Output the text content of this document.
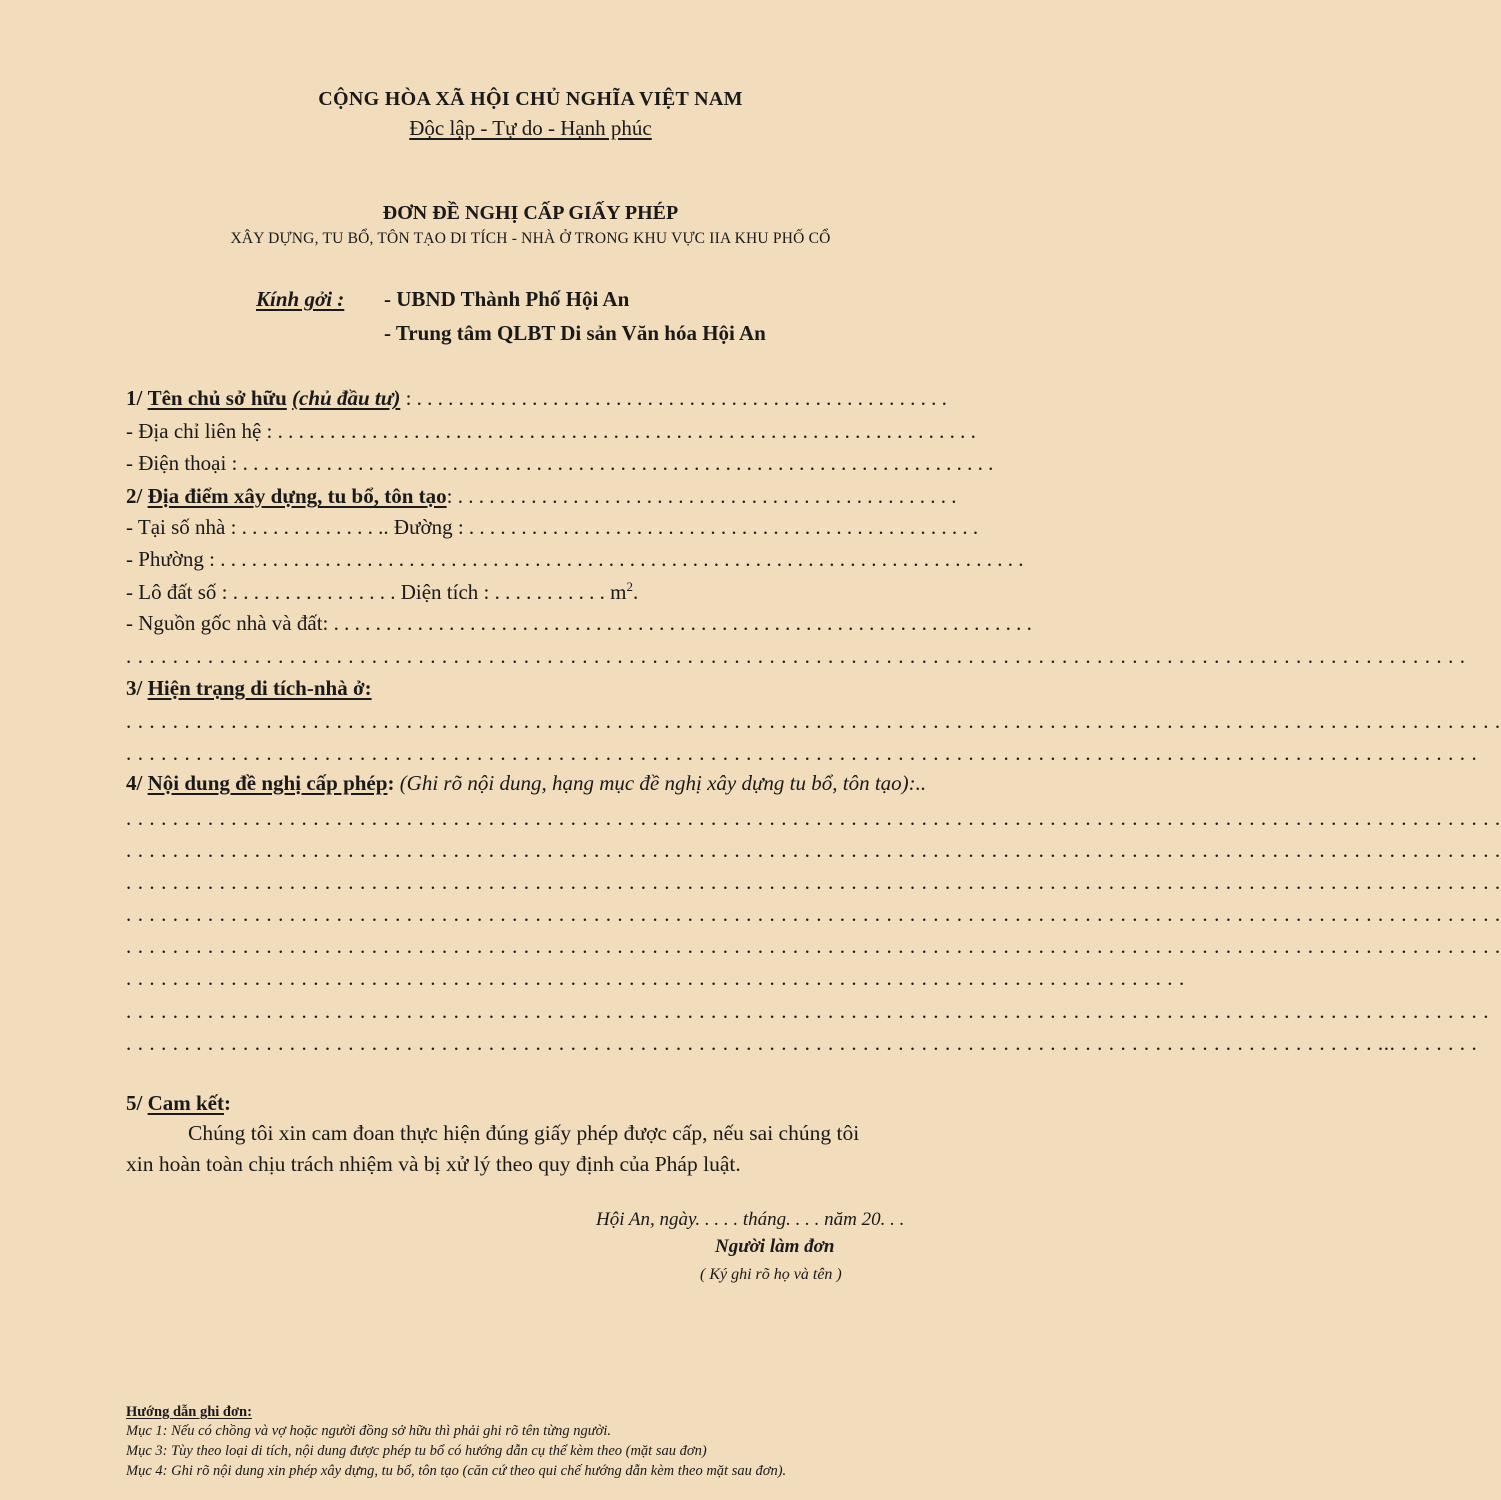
CỘNG HÒA XÃ HỘI CHỦ NGHĨA VIỆT NAM
Độc lập - Tự do - Hạnh phúc
ĐƠN ĐỀ NGHỊ CẤP GIẤY PHÉP
XÂY DỰNG, TU BỔ, TÔN TẠO DI TÍCH - NHÀ Ở TRONG KHU VỰC IIA KHU PHỐ CỔ
Kính gởi : - UBND Thành Phố Hội An
- Trung tâm QLBT Di sản Văn hóa Hội An
1/ Tên chủ sở hữu (chủ đầu tư) : . . . . . . . . . . . . . . . . . . . . . . . . . . . . . . . . . . . . . . . . . . . . . . . . . . .
- Địa chỉ liên hệ : . . . . . . . . . . . . . . . . . . . . . . . . . . . . . . . . . . . . . . . . . . . . . . . . . . . . . . . . . . . . . . . . . . .
- Điện thoại : . . . . . . . . . . . . . . . . . . . . . . . . . . . . . . . . . . . . . . . . . . . . . . . . . . . . . . . . . . . . . . . . . . . . . . . .
2/ Địa điểm xây dựng, tu bổ, tôn tạo: . . . . . . . . . . . . . . . . . . . . . . . . . . . . . . . . . . . . . . . . . . . . . . . .
- Tại số nhà : . . . . . . . . . . . . . .. Đường : . . . . . . . . . . . . . . . . . . . . . . . . . . . . . . . . . . . . . . . . . . . . . . . . .
- Phường : . . . . . . . . . . . . . . . . . . . . . . . . . . . . . . . . . . . . . . . . . . . . . . . . . . . . . . . . . . . . . . . . . . . . . . . . . . . . .
- Lô đất số : . . . . . . . . . . . . . . . . Diện tích : . . . . . . . . . . . $m^2$.
- Nguồn gốc nhà và đất: . . . . . . . . . . . . . . . . . . . . . . . . . . . . . . . . . . . . . . . . . . . . . . . . . . . . . . . . . . . . . . . . . . .
. . . . . . . . . . . . . . . . . . . . . . . . . . . . . . . . . . . . . . . . . . . . . . . . . . . . . . . . . . . . . . . . . . . . . . . . . . . . . . . . . . . . . . . . . . . . . . . . . . . . . . . . . . . . . . . . . . .
3/ Hiện trạng di tích-nhà ở:
. . . . . . . . . . . . . . . . . . . . . . . . . . . . . . . . . . . . . . . . . . . . . . . . . . . . . . . . . . . . . . . . . . . . . . . . . . . . . . . . . . . . . . . . . . . . . . . . . . . . . . . . . . . . . . . . . . . . . .
. . . . . . . . . . . . . . . . . . . . . . . . . . . . . . . . . . . . . . . . . . . . . . . . . . . . . . . . . . . . . . . . . . . . . . . . . . . . . . . . . . . . . . . . . . . . . . . . . . . . . . . . . . . . . . . . . . . .
4/ Nội dung đề nghị cấp phép: (Ghi rõ nội dung, hạng mục đề nghị xây dựng tu bổ, tôn tạo):..
. . . . . . . . . . . . . . . . . . . . . . . . . . . . . . . . . . . . . . . . . . . . . . . . . . . . . . . . . . . . . . . . . . . . . . . . . . . . . . . . . . . . . . . . . . . . . . . . . . . . . . . . . . . . . . . . . . . . . .
. . . . . . . . . . . . . . . . . . . . . . . . . . . . . . . . . . . . . . . . . . . . . . . . . . . . . . . . . . . . . . . . . . . . . . . . . . . . . . . . . . . . . . . . . . . . . . . . . . . . . . . . . . . . . . . . . . . . . .
. . . . . . . . . . . . . . . . . . . . . . . . . . . . . . . . . . . . . . . . . . . . . . . . . . . . . . . . . . . . . . . . . . . . . . . . . . . . . . . . . . . . . . . . . . . . . . . . . . . . . . . . . . . . . . . . . . . . . .
. . . . . . . . . . . . . . . . . . . . . . . . . . . . . . . . . . . . . . . . . . . . . . . . . . . . . . . . . . . . . . . . . . . . . . . . . . . . . . . . . . . . . . . . . . . . . . . . . . . . . . . . . . . . . . . . . . . . . .
. . . . . . . . . . . . . . . . . . . . . . . . . . . . . . . . . . . . . . . . . . . . . . . . . . . . . . . . . . . . . . . . . . . . . . . . . . . . . . . . . . . . . . . . . . . . . . . . . . . . . . . . . . . . . . . . . . . . . .
. . . . . . . . . . . . . . . . . . . . . . . . . . . . . . . . . . . . . . . . . . . . . . . . . . . . . . . . . . . . . . . . . . . . . . . . . . . . . . . . . . . . . . . . . . .
. . . . . . . . . . . . . . . . . . . . . . . . . . . . . . . . . . . . . . . . . . . . . . . . . . . . . . . . . . . . . . . . . . . . . . . . . . . . . . . . . . . . . . . . . . . . . . . . . . . . . . . . . . . . . . . . . . . . .
. . . . . . . . . . . . . . . . . . . . . . . . . . . . . . . . . . . . . . . . . . . . . . . . . . . . . . . . . . . . . . . . . . . . . . . . . . . . . . . . . . . . . . . . . . . . . . . . . . . . . . . . . . . ... . . . . . . .
5/ Cam kết:

Chúng tôi xin cam đoan thực hiện đúng giấy phép được cấp, nếu sai chúng tôi

xin hoàn toàn chịu trách nhiệm và bị xử lý theo quy định của Pháp luật.

Hội An, ngày. . . . . tháng. . . . năm 20. . .
Người làm đơn
( Ký ghi rõ họ và tên )
Hướng dẫn ghi đơn:
Mục 1: Nếu có chồng và vợ hoặc người đồng sở hữu thì phải ghi rõ tên từng người.
Mục 3: Tùy theo loại di tích, nội dung được phép tu bổ có hướng dẫn cụ thể kèm theo (mặt sau đơn)
Mục 4: Ghi rõ nội dung xin phép xây dựng, tu bổ, tôn tạo (căn cứ theo qui chế hướng dẫn kèm theo mặt sau đơn).
